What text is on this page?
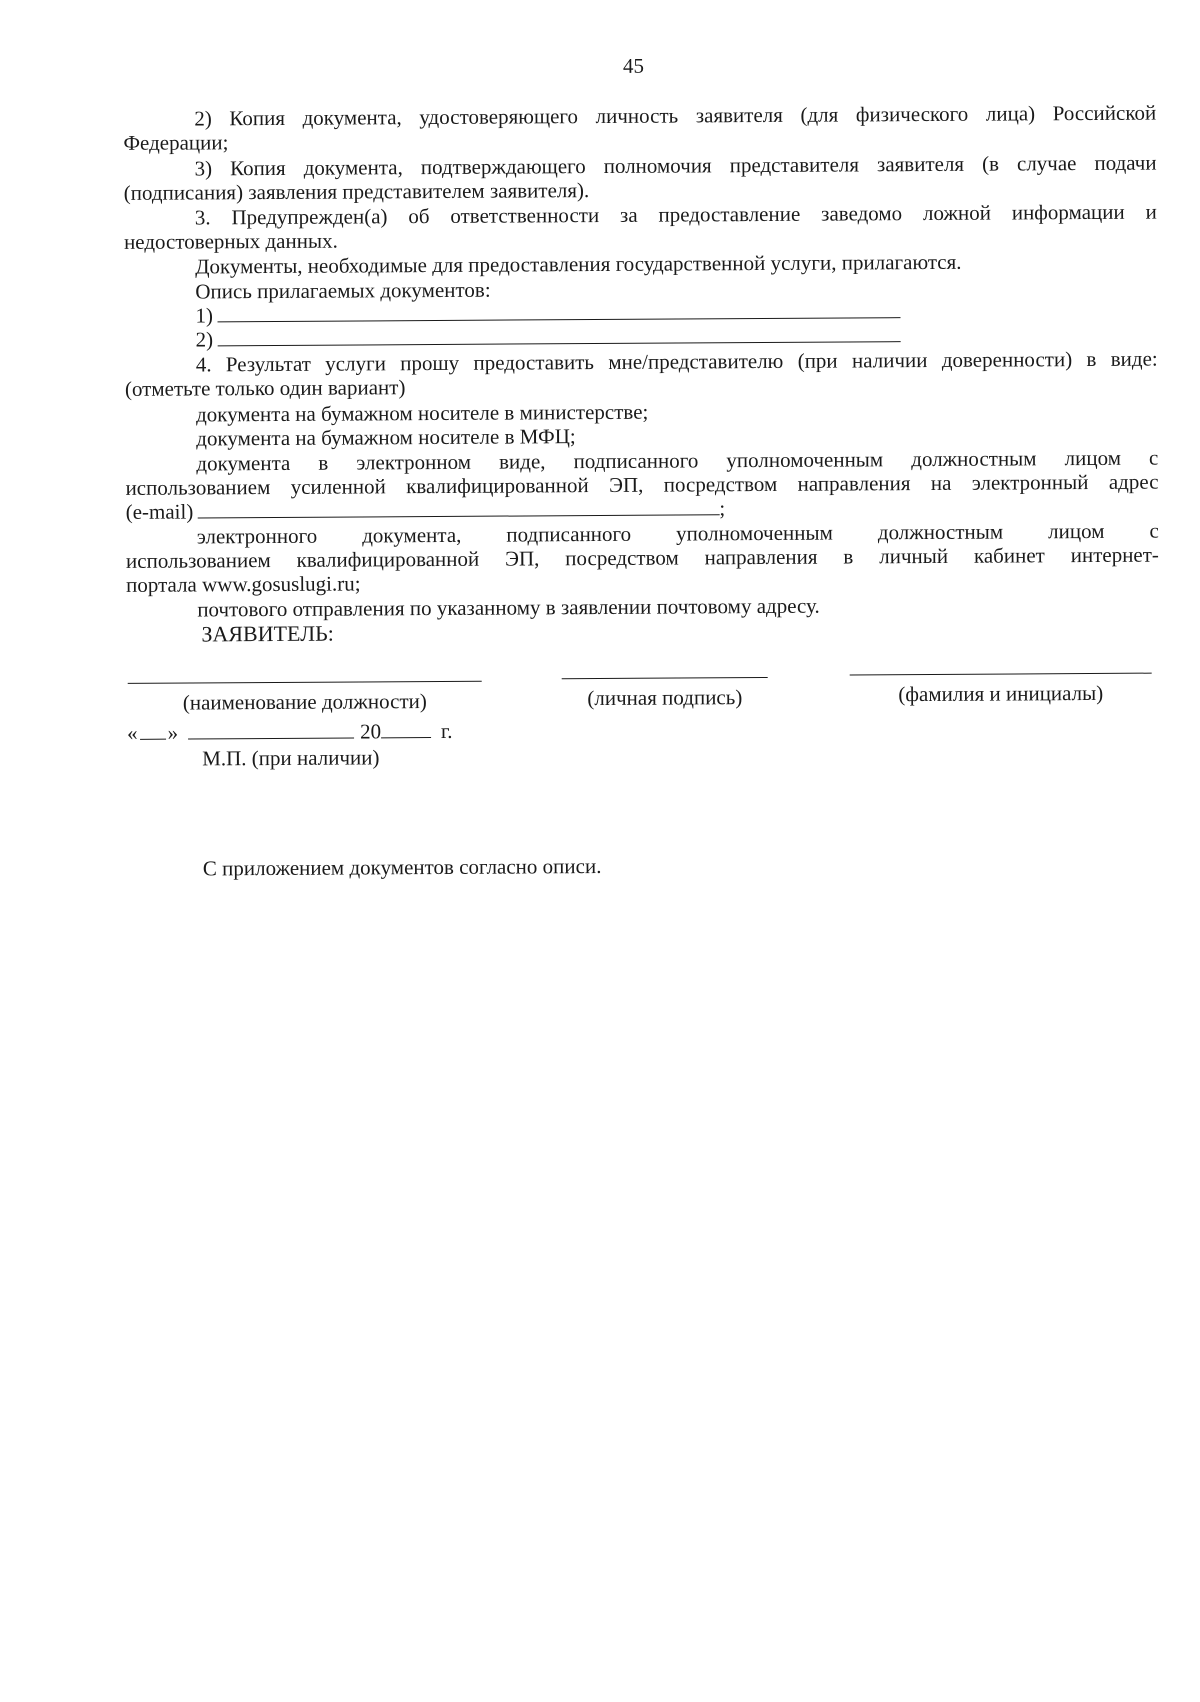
45
2) Копия документа, удостоверяющего личность заявителя (для физического лица) Российской
Федерации;
3) Копия документа, подтверждающего полномочия представителя заявителя (в случае подачи
(подписания) заявления представителем заявителя).
3. Предупрежден(а) об ответственности за предоставление заведомо ложной информации и
недостоверных данных.
Документы, необходимые для предоставления государственной услуги, прилагаются.
Опись прилагаемых документов:
1)
2)
4. Результат услуги прошу предоставить мне/представителю (при наличии доверенности) в виде:
(отметьте только один вариант)
документа на бумажном носителе в министерстве;
документа на бумажном носителе в МФЦ;
документа в электронном виде, подписанного уполномоченным должностным лицом с
использованием усиленной квалифицированной ЭП, посредством направления на электронный адрес
(e-mail)	;
электронного документа, подписанного уполномоченным должностным лицом с
использованием квалифицированной ЭП, посредством направления в личный кабинет интернет-
портала www.gosuslugi.ru;
почтового отправления по указанному в заявлении почтовому адресу.
ЗАЯВИТЕЛЬ:
(наименование должности)	(личная подпись)	(фамилия и инициалы)
« »	20	г.
М.П. (при наличии)
С приложением документов согласно описи.
